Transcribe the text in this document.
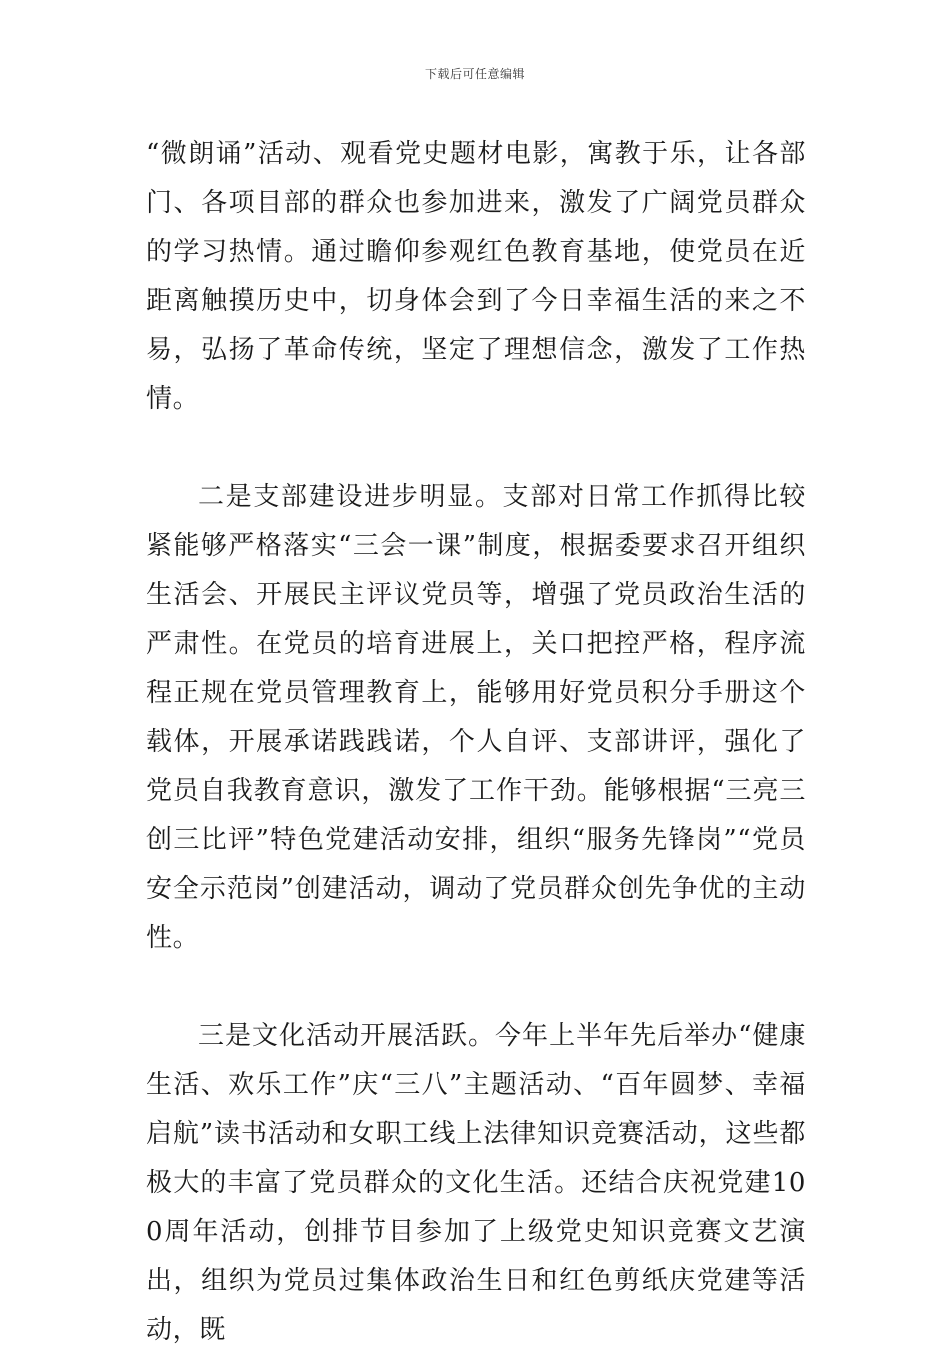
下载后可任意编辑

“微朗诵”活动、观看党史题材电影，寓教于乐，让各部门、各项目部的群众也参加进来，激发了广阔党员群众的学习热情。通过瞻仰参观红色教育基地，使党员在近距离触摸历史中，切身体会到了今日幸福生活的来之不易，弘扬了革命传统，坚定了理想信念，激发了工作热情。

二是支部建设进步明显。支部对日常工作抓得比较紧能够严格落实“三会一课”制度，根据委要求召开组织生活会、开展民主评议党员等，增强了党员政治生活的严肃性。在党员的培育进展上，关口把控严格，程序流程正规在党员管理教育上，能够用好党员积分手册这个载体，开展承诺践践诺，个人自评、支部讲评，强化了党员自我教育意识，激发了工作干劲。能够根据“三亮三创三比评”特色党建活动安排，组织“服务先锋岗”“党员安全示范岗”创建活动，调动了党员群众创先争优的主动性。

三是文化活动开展活跃。今年上半年先后举办“健康生活、欢乐工作”庆“三八”主题活动、“百年圆梦、幸福启航”读书活动和女职工线上法律知识竞赛活动，这些都极大的丰富了党员群众的文化生活。还结合庆祝党建100周年活动，创排节目参加了上级党史知识竞赛文艺演出，组织为党员过集体政治生日和红色剪纸庆党建等活动，既
